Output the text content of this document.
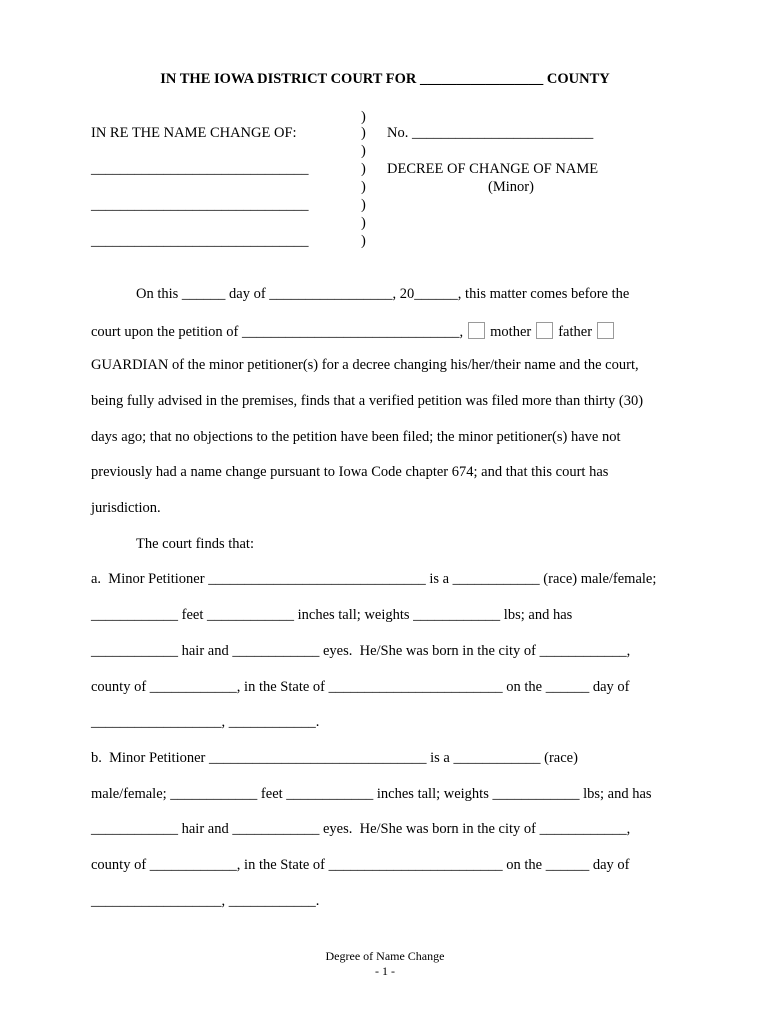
IN THE IOWA DISTRICT COURT FOR _________________ COUNTY
)
)
)
)
)
)
)
)
IN RE THE NAME CHANGE OF:
______________________________
______________________________
______________________________
No. _________________________
DECREE OF CHANGE OF NAME
(Minor)
On this ______ day of _________________, 20______, this matter comes before the
court upon the petition of ______________________________, mother father
GUARDIAN of the minor petitioner(s) for a decree changing his/her/their name and the court,
being fully advised in the premises, finds that a verified petition was filed more than thirty (30)
days ago; that no objections to the petition have been filed; the minor petitioner(s) have not
previously had a name change pursuant to Iowa Code chapter 674; and that this court has
jurisdiction.
The court finds that:
a.  Minor Petitioner ______________________________ is a ____________ (race) male/female;
____________ feet ____________ inches tall; weights ____________ lbs; and has
____________ hair and ____________ eyes.  He/She was born in the city of ____________,
county of ____________, in the State of ________________________ on the ______ day of
__________________, ____________.
b.  Minor Petitioner ______________________________ is a ____________ (race)
male/female; ____________ feet ____________ inches tall; weights ____________ lbs; and has
____________ hair and ____________ eyes.  He/She was born in the city of ____________,
county of ____________, in the State of ________________________ on the ______ day of
__________________, ____________.
Degree of Name Change
- 1 -
